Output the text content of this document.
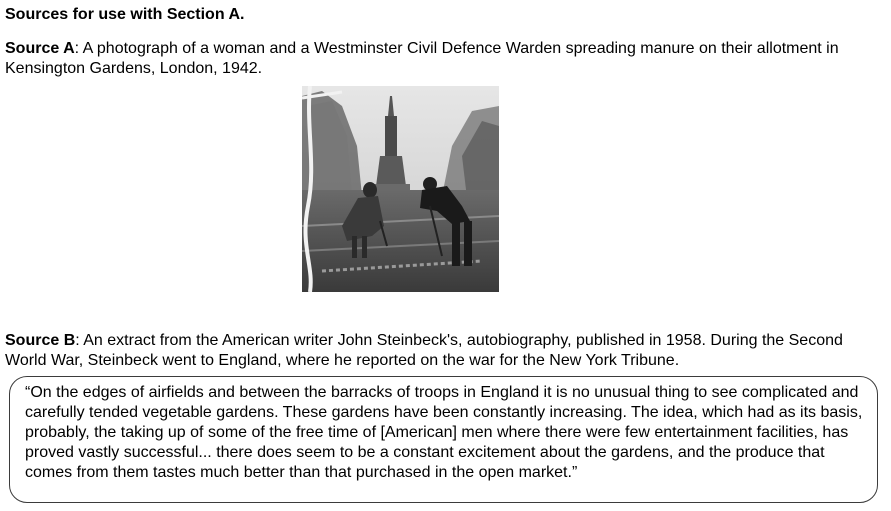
Sources for use with Section A.
Source A: A photograph of a woman and a Westminster Civil Defence Warden spreading manure on their allotment in Kensington Gardens, London, 1942.
Source B: An extract from the American writer John Steinbeck's, autobiography, published in 1958. During the Second World War, Steinbeck went to England, where he reported on the war for the New York Tribune.
“On the edges of airfields and between the barracks of troops in England it is no unusual thing to see complicated and carefully tended vegetable gardens. These gardens have been constantly increasing. The idea, which had as its basis, probably, the taking up of some of the free time of [American] men where there were few entertainment facilities, has proved vastly successful... there does seem to be a constant excitement about the gardens, and the produce that comes from them tastes much better than that purchased in the open market.”
